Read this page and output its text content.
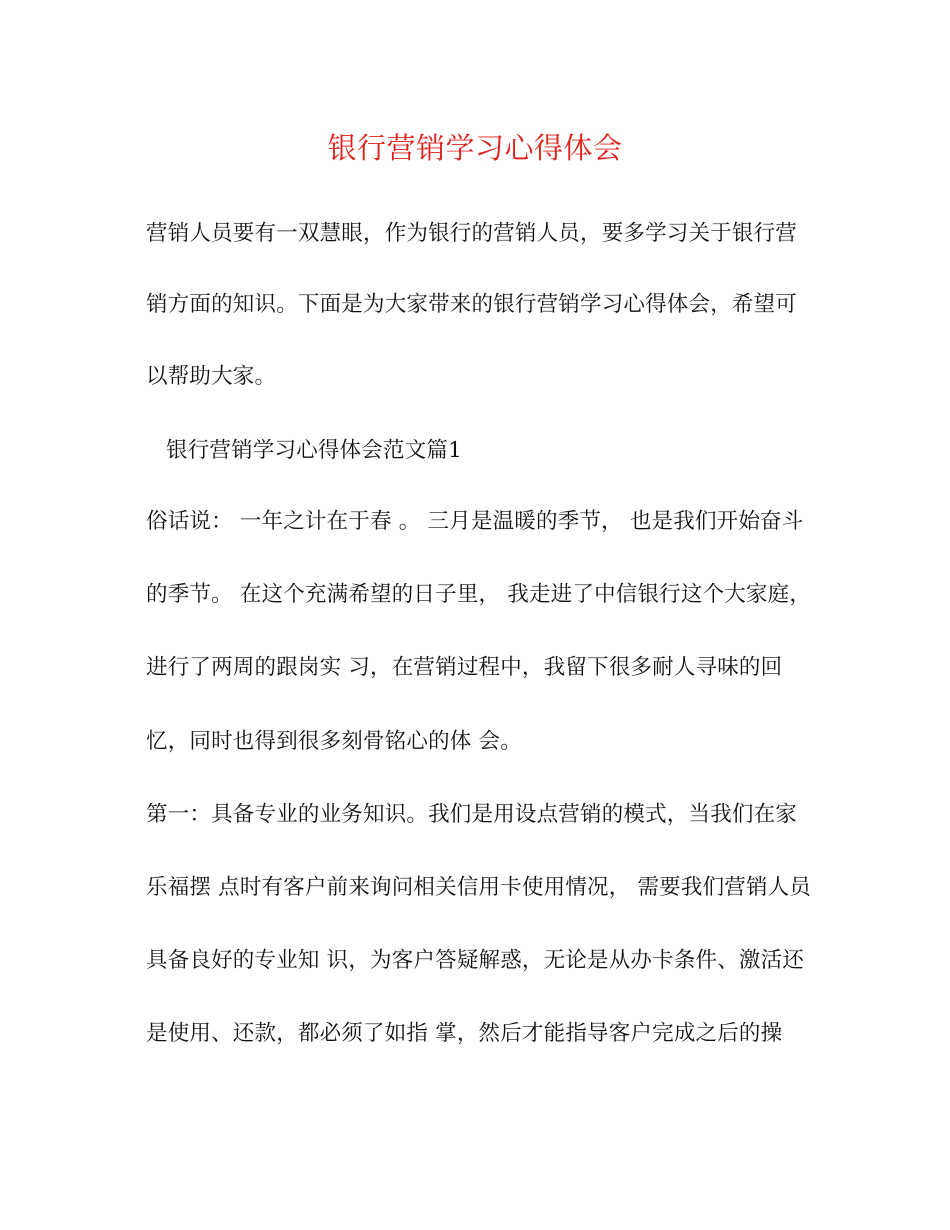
银行营销学习心得体会
营销人员要有一双慧眼，作为银行的营销人员，要多学习关于银行营
销方面的知识。下面是为大家带来的银行营销学习心得体会，希望可
以帮助大家。
银行营销学习心得体会范文篇1
俗话说： 一年之计在于春 。 三月是温暖的季节， 也是我们开始奋斗
的季节。 在这个充满希望的日子里， 我走进了中信银行这个大家庭，
进行了两周的跟岗实 习，在营销过程中，我留下很多耐人寻味的回
忆，同时也得到很多刻骨铭心的体 会。
第一：具备专业的业务知识。我们是用设点营销的模式，当我们在家
乐福摆 点时有客户前来询问相关信用卡使用情况， 需要我们营销人员
具备良好的专业知 识，为客户答疑解惑，无论是从办卡条件、激活还
是使用、还款，都必须了如指 掌，然后才能指导客户完成之后的操
